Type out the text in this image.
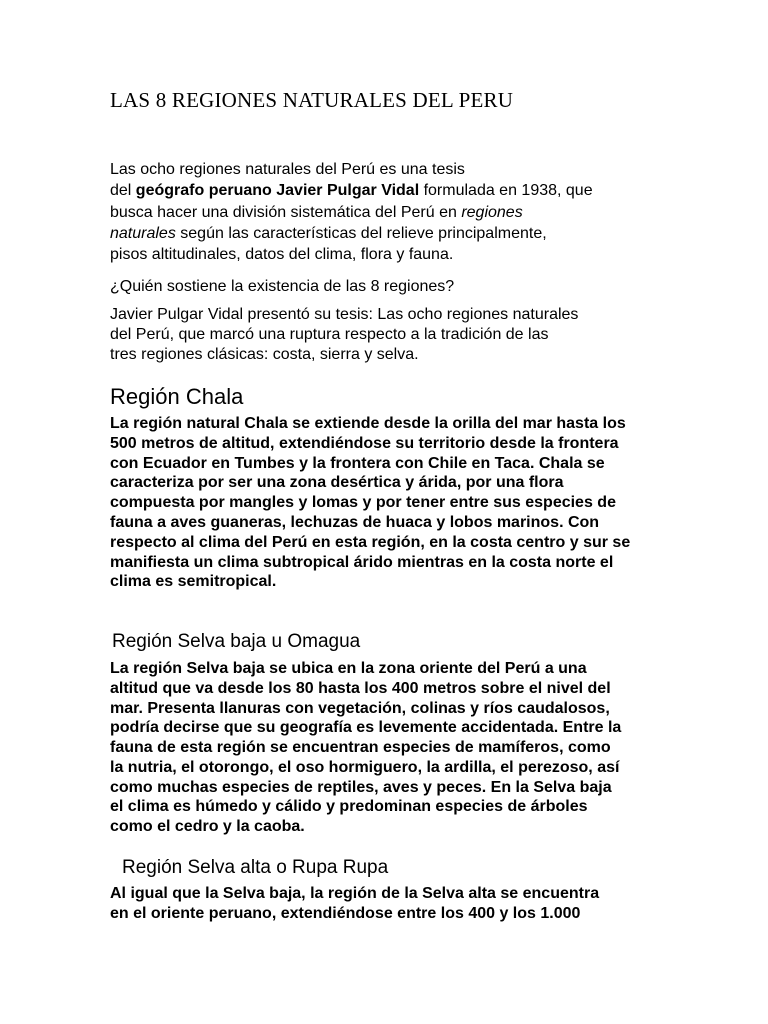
LAS 8 REGIONES NATURALES DEL PERU
Las ocho regiones naturales del Perú es una tesis
del geógrafo peruano Javier Pulgar Vidal formulada en 1938, que
busca hacer una división sistemática del Perú en regiones
naturales según las características del relieve principalmente,
pisos altitudinales, datos del clima, flora y fauna.
¿Quién sostiene la existencia de las 8 regiones?
Javier Pulgar Vidal presentó su tesis: Las ocho regiones naturales
del Perú, que marcó una ruptura respecto a la tradición de las
tres regiones clásicas: costa, sierra y selva.
Región Chala
La región natural Chala se extiende desde la orilla del mar hasta los
500 metros de altitud, extendiéndose su territorio desde la frontera
con Ecuador en Tumbes y la frontera con Chile en Taca. Chala se
caracteriza por ser una zona desértica y árida, por una flora
compuesta por mangles y lomas y por tener entre sus especies de
fauna a aves guaneras, lechuzas de huaca y lobos marinos. Con
respecto al clima del Perú en esta región, en la costa centro y sur se
manifiesta un clima subtropical árido mientras en la costa norte el
clima es semitropical.
Región Selva baja u Omagua
La región Selva baja se ubica en la zona oriente del Perú a una
altitud que va desde los 80 hasta los 400 metros sobre el nivel del
mar. Presenta llanuras con vegetación, colinas y ríos caudalosos,
podría decirse que su geografía es levemente accidentada. Entre la
fauna de esta región se encuentran especies de mamíferos, como
la nutria, el otorongo, el oso hormiguero, la ardilla, el perezoso, así
como muchas especies de reptiles, aves y peces. En la Selva baja
el clima es húmedo y cálido y predominan especies de árboles
como el cedro y la caoba.
Región Selva alta o Rupa Rupa
Al igual que la Selva baja, la región de la Selva alta se encuentra
en el oriente peruano, extendiéndose entre los 400 y los 1.000
